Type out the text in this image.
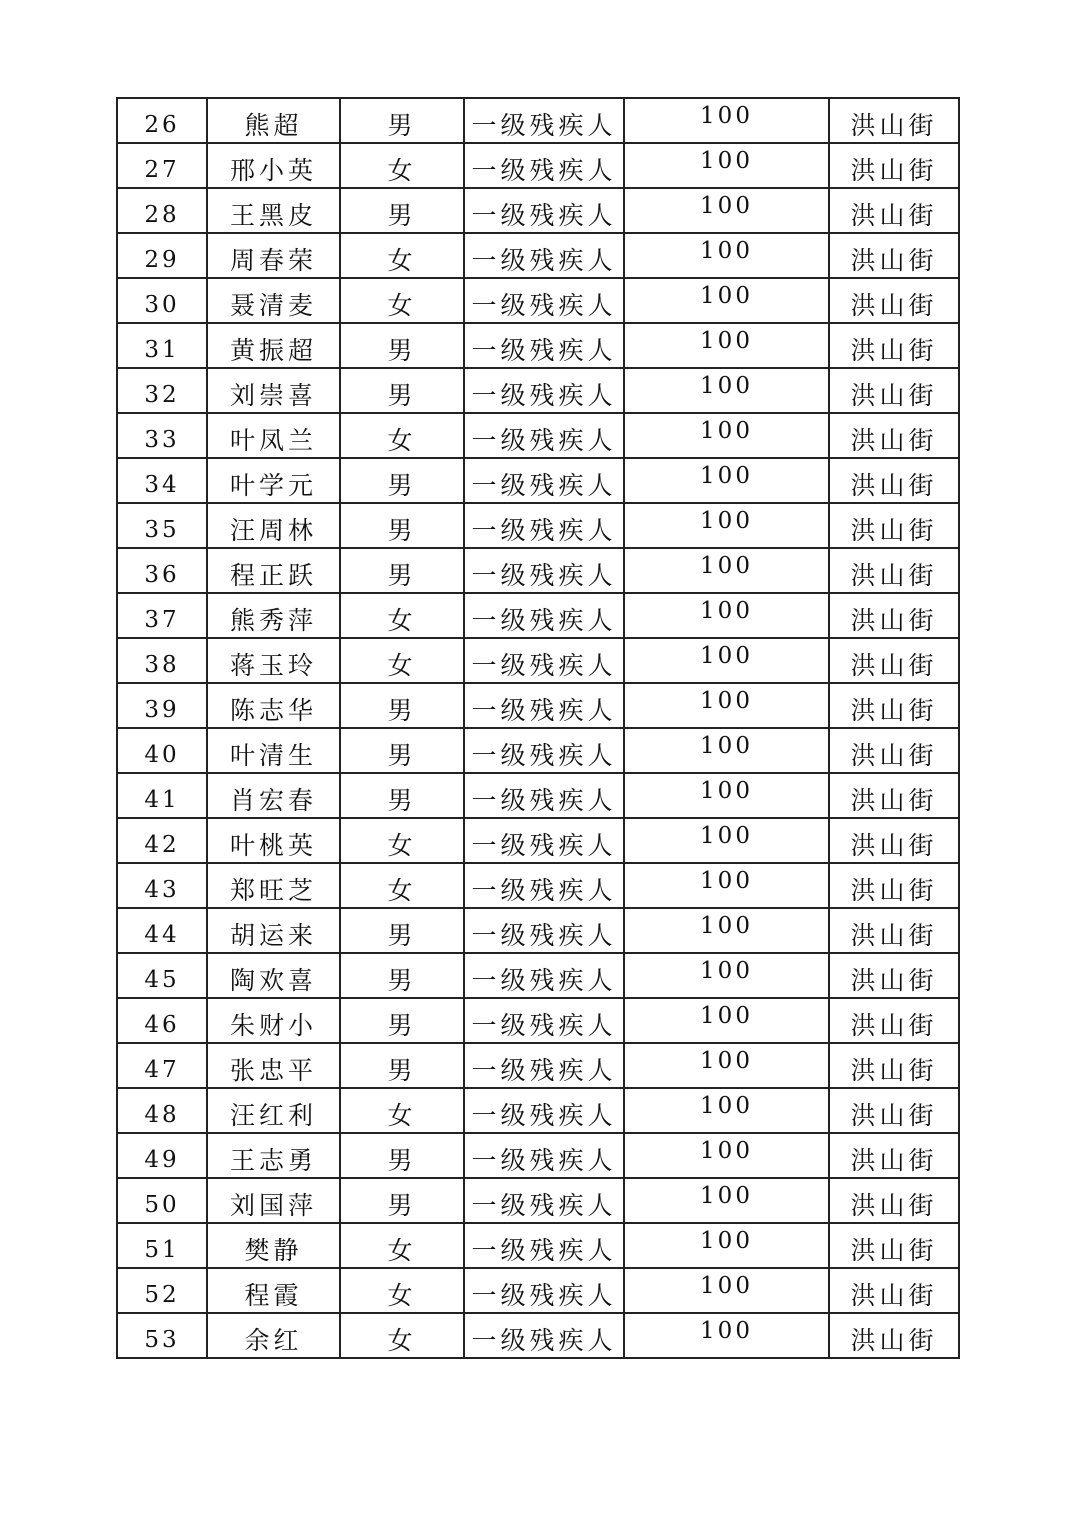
26	熊超	男	一级残疾人	100	洪山街
27	邢小英	女	一级残疾人	100	洪山街
28	王黑皮	男	一级残疾人	100	洪山街
29	周春荣	女	一级残疾人	100	洪山街
30	聂清麦	女	一级残疾人	100	洪山街
31	黄振超	男	一级残疾人	100	洪山街
32	刘崇喜	男	一级残疾人	100	洪山街
33	叶凤兰	女	一级残疾人	100	洪山街
34	叶学元	男	一级残疾人	100	洪山街
35	汪周林	男	一级残疾人	100	洪山街
36	程正跃	男	一级残疾人	100	洪山街
37	熊秀萍	女	一级残疾人	100	洪山街
38	蒋玉玲	女	一级残疾人	100	洪山街
39	陈志华	男	一级残疾人	100	洪山街
40	叶清生	男	一级残疾人	100	洪山街
41	肖宏春	男	一级残疾人	100	洪山街
42	叶桃英	女	一级残疾人	100	洪山街
43	郑旺芝	女	一级残疾人	100	洪山街
44	胡运来	男	一级残疾人	100	洪山街
45	陶欢喜	男	一级残疾人	100	洪山街
46	朱财小	男	一级残疾人	100	洪山街
47	张忠平	男	一级残疾人	100	洪山街
48	汪红利	女	一级残疾人	100	洪山街
49	王志勇	男	一级残疾人	100	洪山街
50	刘国萍	男	一级残疾人	100	洪山街
51	樊静	女	一级残疾人	100	洪山街
52	程霞	女	一级残疾人	100	洪山街
53	余红	女	一级残疾人	100	洪山街
